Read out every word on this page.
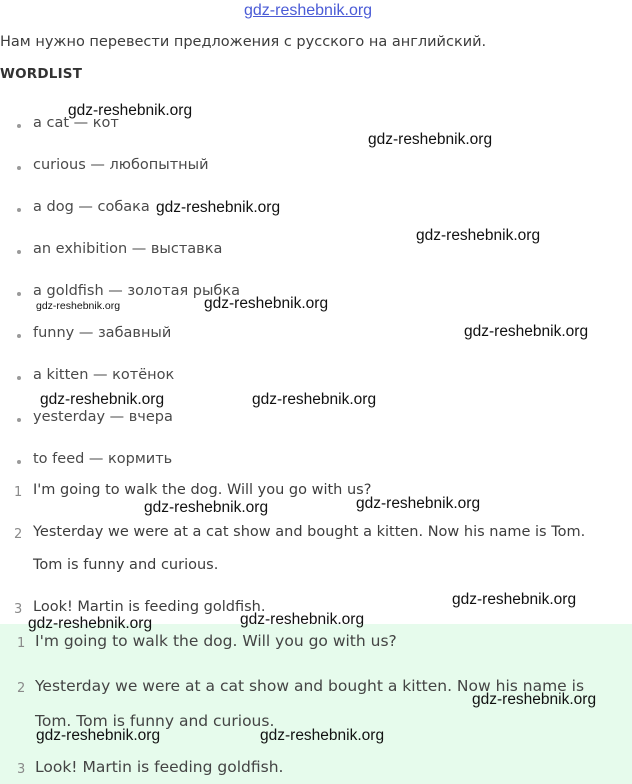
gdz-reshebnik.org
Нам нужно перевести предложения с русского на английский.
WORDLIST
a cat — кот
curious — любопытный
a dog — собака
an exhibition — выставка
a goldfish — золотая рыбка
funny — забавный
a kitten — котёнок
yesterday — вчера
to feed — кормить
1 I'm going to walk the dog. Will you go with us?
2 Yesterday we were at a cat show and bought a kitten. Now his name is Tom.
Tom is funny and curious.
3 Look! Martin is feeding goldfish.
1 I'm going to walk the dog. Will you go with us?
2 Yesterday we were at a cat show and bought a kitten. Now his name is
Tom. Tom is funny and curious.
3 Look! Martin is feeding goldfish.
gdz-reshebnik.org
gdz-reshebnik.org
gdz-reshebnik.org
gdz-reshebnik.org
gdz-reshebnik.org	gdz-reshebnik.org
gdz-reshebnik.org
gdz-reshebnik.org	gdz-reshebnik.org
gdz-reshebnik.org
gdz-reshebnik.org
gdz-reshebnik.org
gdz-reshebnik.org
gdz-reshebnik.org
gdz-reshebnik.org
gdz-reshebnik.org	gdz-reshebnik.org
